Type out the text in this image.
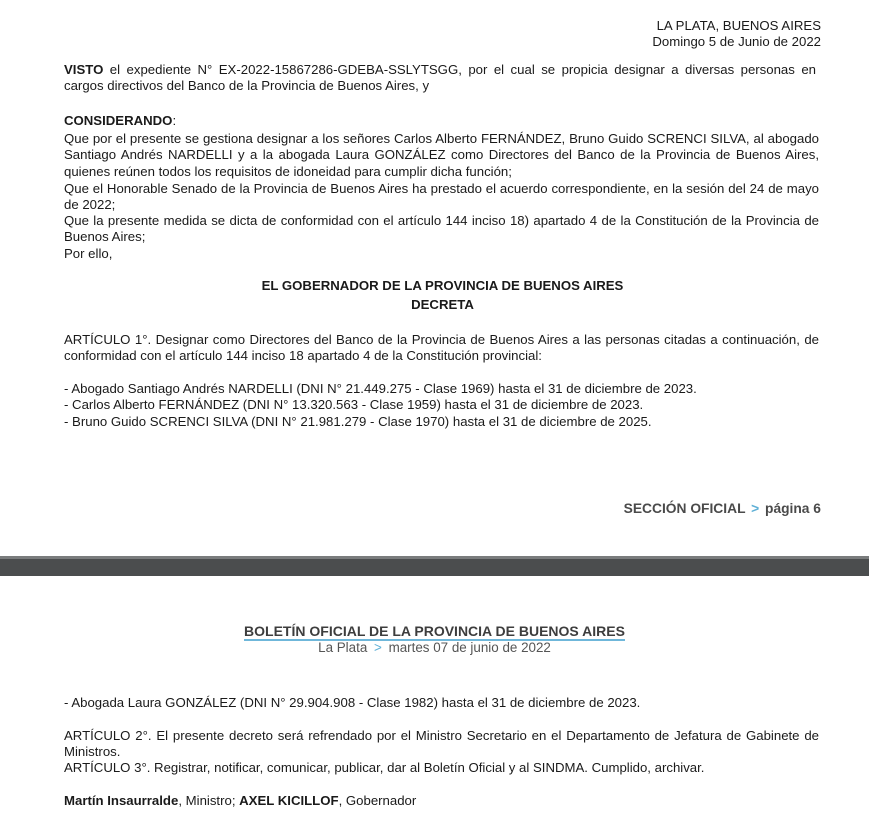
LA PLATA, BUENOS AIRES
Domingo 5 de Junio de 2022

VISTO el expediente N° EX-2022-15867286-GDEBA-SSLYTSGG, por el cual se propicia designar a diversas personas en cargos directivos del Banco de la Provincia de Buenos Aires, y

CONSIDERANDO:

Que por el presente se gestiona designar a los señores Carlos Alberto FERNÁNDEZ, Bruno Guido SCRENCI SILVA, al abogado Santiago Andrés NARDELLI y a la abogada Laura GONZÁLEZ como Directores del Banco de la Provincia de Buenos Aires, quienes reúnen todos los requisitos de idoneidad para cumplir dicha función;

Que el Honorable Senado de la Provincia de Buenos Aires ha prestado el acuerdo correspondiente, en la sesión del 24 de mayo de 2022;

Que la presente medida se dicta de conformidad con el artículo 144 inciso 18) apartado 4 de la Constitución de la Provincia de Buenos Aires;

Por ello,

EL GOBERNADOR DE LA PROVINCIA DE BUENOS AIRES
DECRETA

ARTÍCULO 1°. Designar como Directores del Banco de la Provincia de Buenos Aires a las personas citadas a continuación, de conformidad con el artículo 144 inciso 18 apartado 4 de la Constitución provincial:

- Abogado Santiago Andrés NARDELLI (DNI N° 21.449.275 - Clase 1969) hasta el 31 de diciembre de 2023.
- Carlos Alberto FERNÁNDEZ (DNI N° 13.320.563 - Clase 1959) hasta el 31 de diciembre de 2023.
- Bruno Guido SCRENCI SILVA (DNI N° 21.981.279 - Clase 1970) hasta el 31 de diciembre de 2025.
SECCIÓN OFICIAL > página 6
BOLETÍN OFICIAL DE LA PROVINCIA DE BUENOS AIRES
La Plata > martes 07 de junio de 2022

- Abogada Laura GONZÁLEZ (DNI N° 29.904.908 - Clase 1982) hasta el 31 de diciembre de 2023.

ARTÍCULO 2°. El presente decreto será refrendado por el Ministro Secretario en el Departamento de Jefatura de Gabinete de Ministros.

ARTÍCULO 3°. Registrar, notificar, comunicar, publicar, dar al Boletín Oficial y al SINDMA. Cumplido, archivar.

Martín Insaurralde, Ministro; AXEL KICILLOF, Gobernador
